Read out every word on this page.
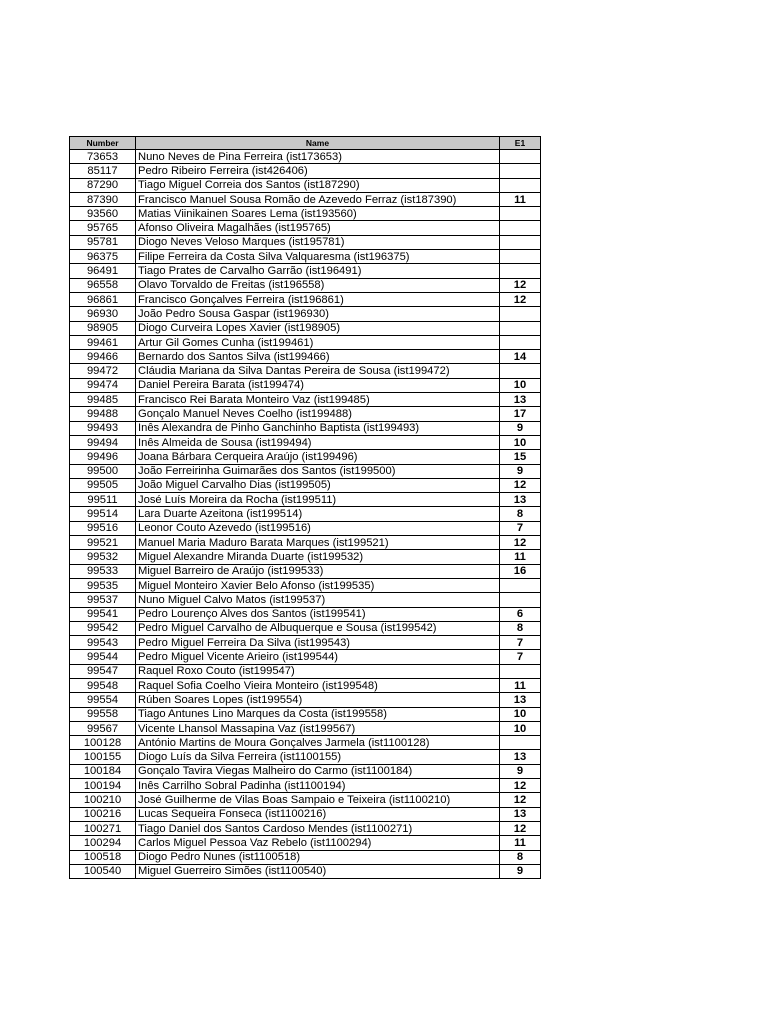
Number	Name	E1
73653	Nuno Neves de Pina Ferreira (ist173653)	
85117	Pedro Ribeiro Ferreira (ist426406)	
87290	Tiago Miguel Correia dos Santos (ist187290)	
87390	Francisco Manuel Sousa Romão de Azevedo Ferraz (ist187390)	11
93560	Matias Viinikainen Soares Lema (ist193560)	
95765	Afonso Oliveira Magalhães (ist195765)	
95781	Diogo Neves Veloso Marques (ist195781)	
96375	Filipe Ferreira da Costa Silva Valquaresma (ist196375)	
96491	Tiago Prates de Carvalho Garrão (ist196491)	
96558	Olavo Torvaldo de Freitas (ist196558)	12
96861	Francisco Gonçalves Ferreira (ist196861)	12
96930	João Pedro Sousa Gaspar (ist196930)	
98905	Diogo Curveira Lopes Xavier (ist198905)	
99461	Artur Gil Gomes Cunha (ist199461)	
99466	Bernardo dos Santos Silva (ist199466)	14
99472	Cláudia Mariana da Silva Dantas Pereira de Sousa (ist199472)	
99474	Daniel Pereira Barata (ist199474)	10
99485	Francisco Rei Barata Monteiro Vaz (ist199485)	13
99488	Gonçalo Manuel Neves Coelho (ist199488)	17
99493	Inês Alexandra de Pinho Ganchinho Baptista (ist199493)	9
99494	Inês Almeida de Sousa (ist199494)	10
99496	Joana Bárbara Cerqueira Araújo (ist199496)	15
99500	João Ferreirinha Guimarães dos Santos (ist199500)	9
99505	João Miguel Carvalho Dias (ist199505)	12
99511	José Luís Moreira da Rocha (ist199511)	13
99514	Lara Duarte Azeitona (ist199514)	8
99516	Leonor Couto Azevedo (ist199516)	7
99521	Manuel Maria Maduro Barata Marques (ist199521)	12
99532	Miguel Alexandre Miranda Duarte (ist199532)	11
99533	Miguel Barreiro de Araújo (ist199533)	16
99535	Miguel Monteiro Xavier Belo Afonso (ist199535)	
99537	Nuno Miguel Calvo Matos (ist199537)	
99541	Pedro Lourenço Alves dos Santos (ist199541)	6
99542	Pedro Miguel Carvalho de Albuquerque e Sousa (ist199542)	8
99543	Pedro Miguel Ferreira Da Silva (ist199543)	7
99544	Pedro Miguel Vicente Arieiro (ist199544)	7
99547	Raquel Roxo Couto (ist199547)	
99548	Raquel Sofia Coelho Vieira Monteiro (ist199548)	11
99554	Rúben Soares Lopes (ist199554)	13
99558	Tiago Antunes Lino Marques da Costa (ist199558)	10
99567	Vicente Lhansol Massapina Vaz (ist199567)	10
100128	António Martins de Moura Gonçalves Jarmela (ist1100128)	
100155	Diogo Luís da Silva Ferreira (ist1100155)	13
100184	Gonçalo Tavira Viegas Malheiro do Carmo (ist1100184)	9
100194	Inês Carrilho Sobral Padinha (ist1100194)	12
100210	José Guilherme de Vilas Boas Sampaio e Teixeira (ist1100210)	12
100216	Lucas Sequeira Fonseca (ist1100216)	13
100271	Tiago Daniel dos Santos Cardoso Mendes (ist1100271)	12
100294	Carlos Miguel Pessoa Vaz Rebelo (ist1100294)	11
100518	Diogo Pedro Nunes (ist1100518)	8
100540	Miguel Guerreiro Simões (ist1100540)	9
